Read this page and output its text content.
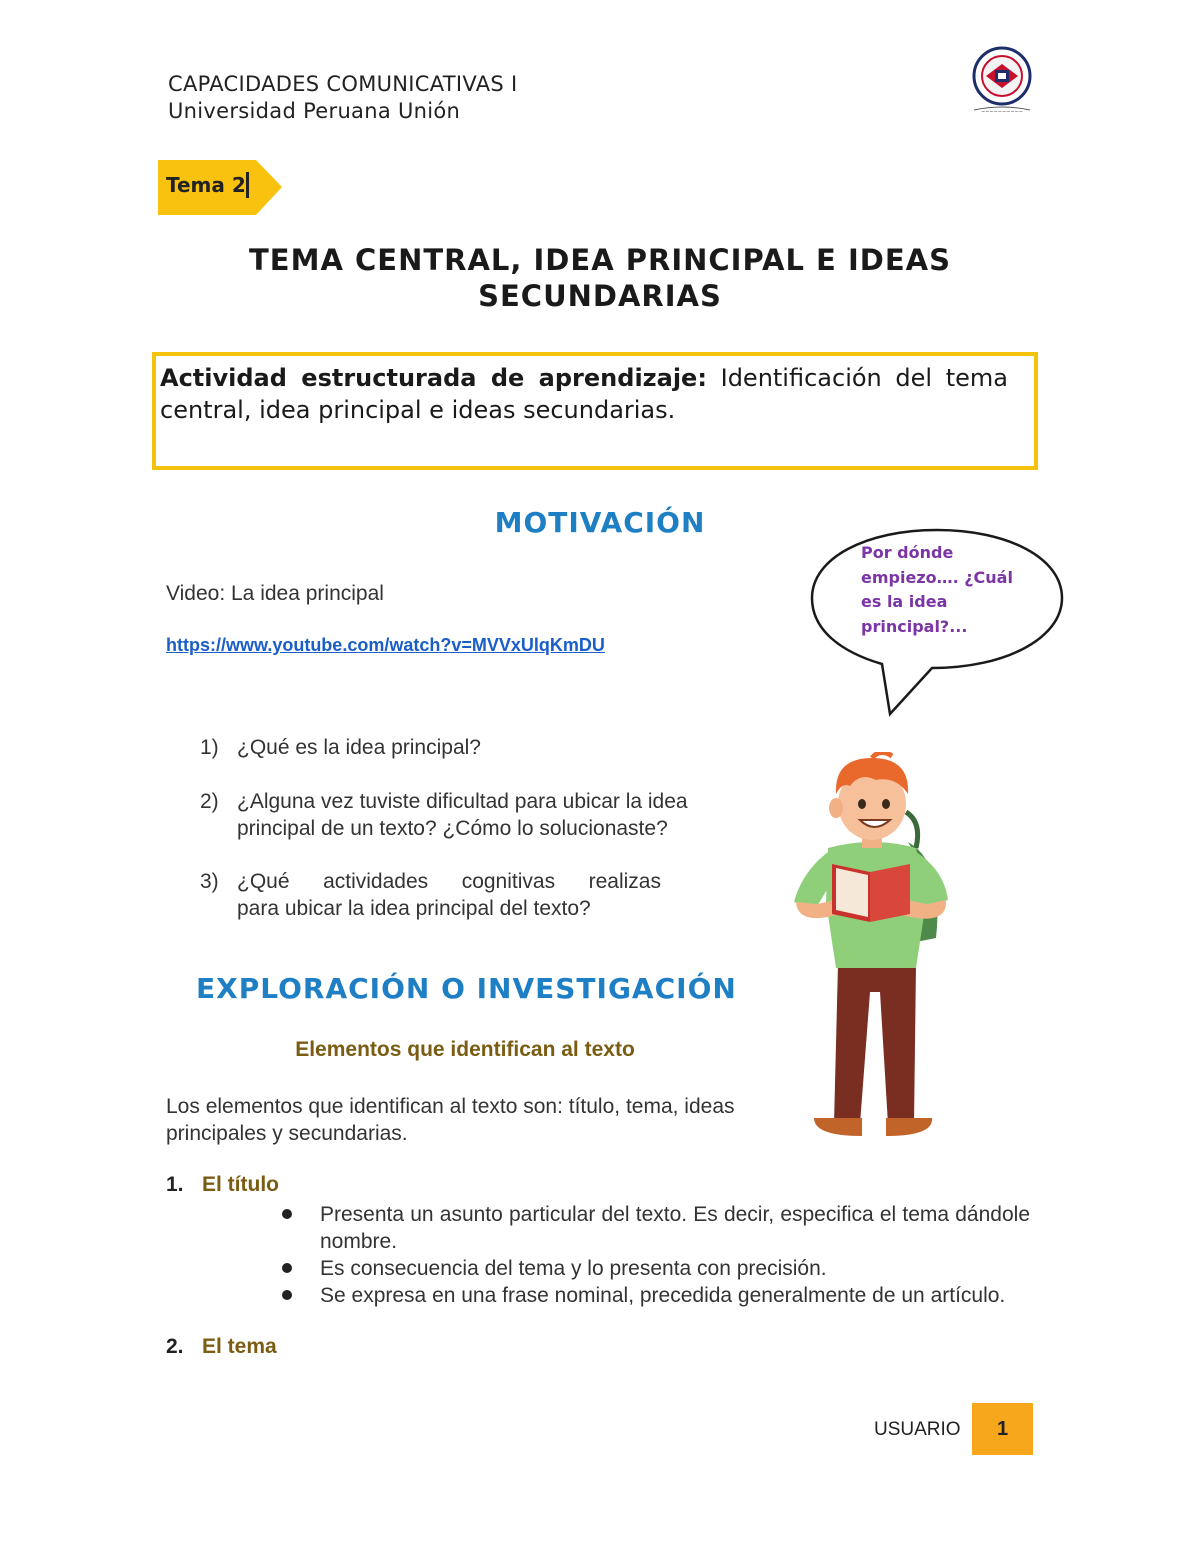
CAPACIDADES COMUNICATIVAS I
Universidad Peruana Unión	~~~~~~~~~~
Tema 2
TEMA CENTRAL, IDEA PRINCIPAL E IDEAS SECUNDARIAS
Actividad estructurada de aprendizaje: Identificación del tema central, idea principal e ideas secundarias.
MOTIVACIÓN
Video: La idea principal
https://www.youtube.com/watch?v=MVVxUlqKmDU
Por dónde empiezo…. ¿Cuál es la idea principal?...
1) ¿Qué es la idea principal?
2) ¿Alguna vez tuviste dificultad para ubicar la idea principal de un texto? ¿Cómo lo solucionaste?
3) ¿Qué actividades cognitivas realizas
para ubicar la idea principal del texto?
EXPLORACIÓN O INVESTIGACIÓN
Elementos que identifican al texto
Los elementos que identifican al texto son: título, tema, ideas principales y secundarias.
1. El título
Presenta un asunto particular del texto. Es decir, especifica el tema dándole nombre.
Es consecuencia del tema y lo presenta con precisión.
Se expresa en una frase nominal, precedida generalmente de un artículo.
2. El tema
USUARIO	1
